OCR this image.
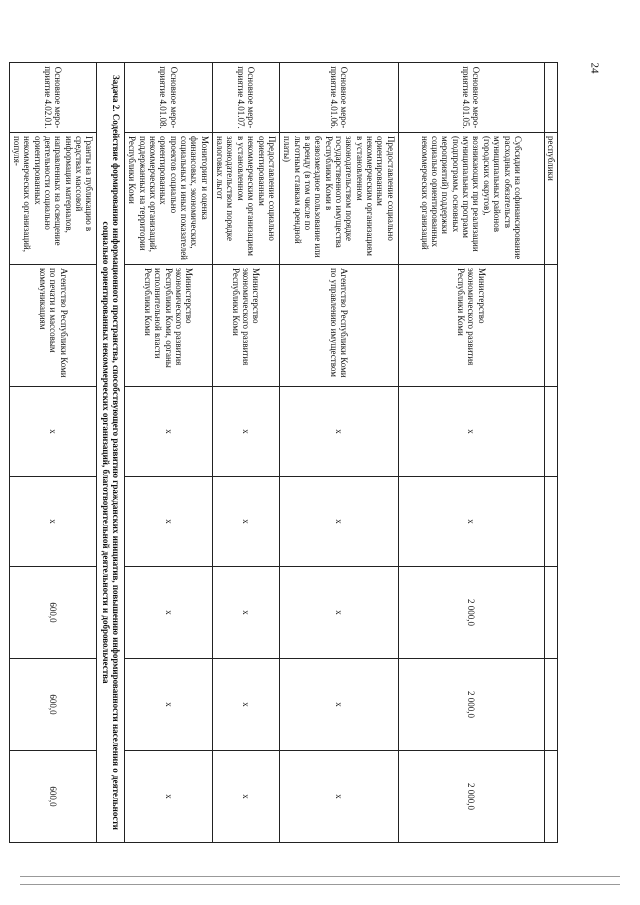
24
	республики						
Основное меро-приятие 4.01.05.	Субсидии на софинансирование расходных обязательств муниципальных районов (городских округов), возникающих при реализации муниципальных программ (подпрограмм, основных мероприятий) поддержки социально ориентированных некоммерческих организаций	Министерство экономического развития Республики Коми	х	х	2 000,0	2 000,0	2 000,0
Основное меро-приятие 4.01.06.	Предоставление социально ориентированным некоммерческим организациям в установленном законодательством порядке государственного имущества Республики Коми в безвозмездное пользование или в аренду (в том числе по льготным ставкам арендной платы)	Агентство Республики Коми по управлению имуществом	х	х	х	х	х
Основное меро-приятие 4.01.07.	Предоставление социально ориентированным некоммерческим организациям в установленном законодательством порядке налоговых льгот	Министерство экономического развития Республики Коми	х	х	х	х	х
Основное меро-приятие 4.01.08.	Мониторинг и оценка финансовых, экономических, социальных и иных показателей проектов социально ориентированных некоммерческих организаций, поддержанных на территории Республики Коми	Министерство экономического развития Республики Коми, органы исполнительной власти Республики Коми	х	х	х	х	х
Задача 2. Содействие формированию информационного пространства, способствующего развитию гражданских инициатив, повышению информированности населения о деятельности социально ориентированных некоммерческих организаций, благотворительной деятельности и добровольчества							
Основное меро-приятие 4.02.01.	Гранты на публикацию в средствах массовой информации материалов, направленных на освещение деятельности социально ориентированных некоммерческих организаций, популя-	Агентство Республики Коми по печати и массовым коммуникациям	х	х	600,0	600,0	600,0
